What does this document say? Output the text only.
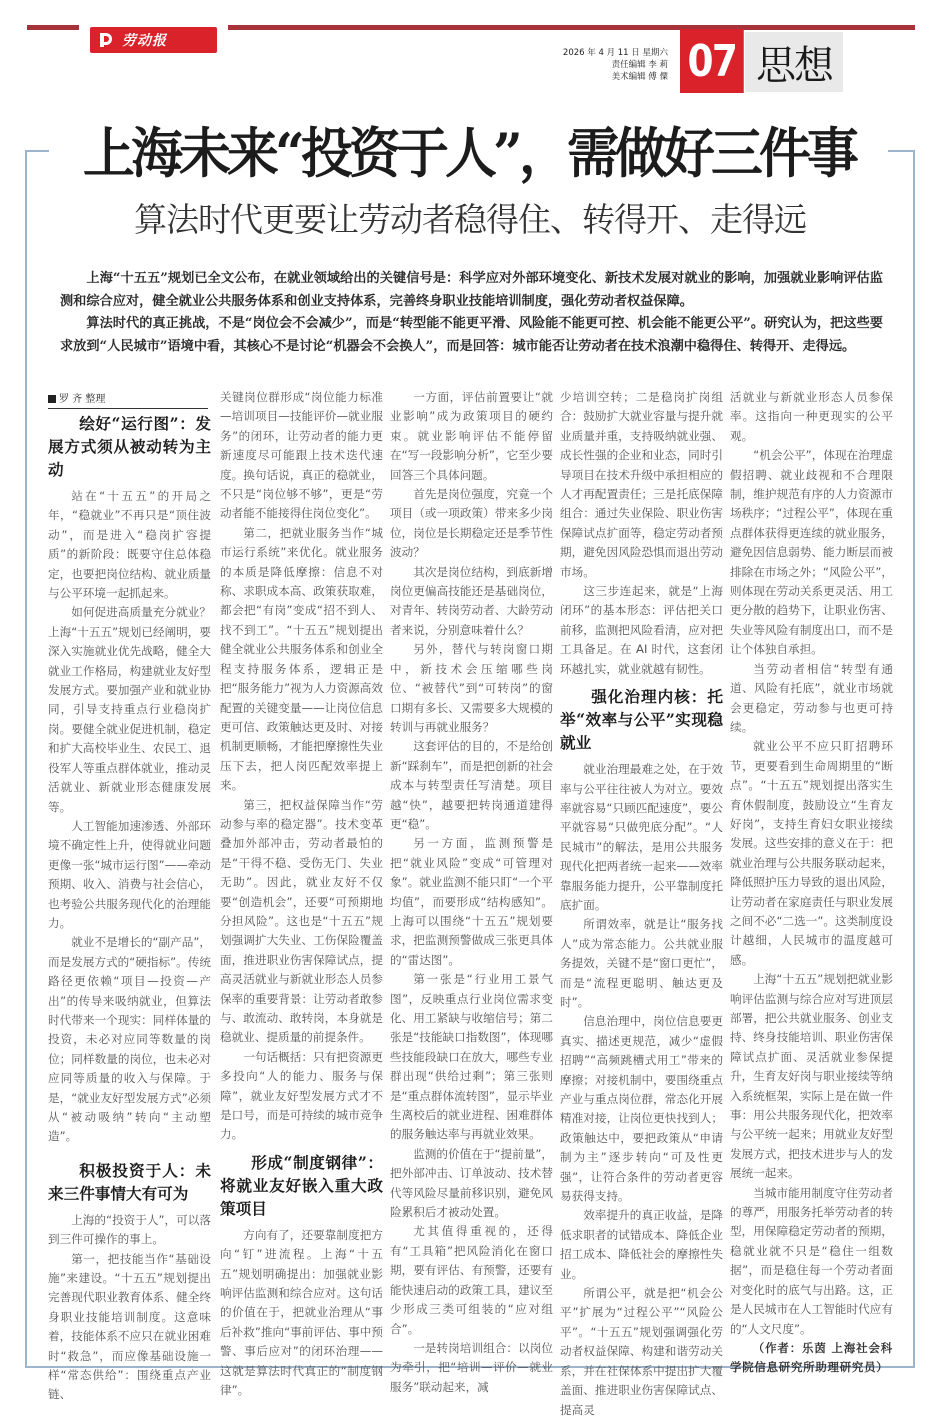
劳动报
2026 年 4 月 11 日 星期六
责任编辑 李 莉
美术编辑 傅 僳 07 思想
上海未来“投资于人”，需做好三件事
算法时代更要让劳动者稳得住、转得开、走得远

上海“十五五”规划已全文公布，在就业领域给出的关键信号是：科学应对外部环境变化、新技术发展对就业的影响，加强就业影响评估监测和综合应对，健全就业公共服务体系和创业支持体系，完善终身职业技能培训制度，强化劳动者权益保障。

算法时代的真正挑战，不是“岗位会不会减少”，而是“转型能不能更平滑、风险能不能更可控、机会能不能更公平”。研究认为，把这些要求放到“人民城市”语境中看，其核心不是讨论“机器会不会换人”，而是回答：城市能否让劳动者在技术浪潮中稳得住、转得开、走得远。

罗 齐 整理
绘好“运行图”：发展方式须从被动转为主动

站在“十五五”的开局之年，“稳就业”不再只是“顶住波动”，而是进入“稳岗扩容提质”的新阶段：既要守住总体稳定，也要把岗位结构、就业质量与公平环境一起抓起来。

如何促进高质量充分就业？上海“十五五”规划已经阐明，要深入实施就业优先战略，健全大就业工作格局，构建就业友好型发展方式。要加强产业和就业协同，引导支持重点行业稳岗扩岗。要健全就业促进机制，稳定和扩大高校毕业生、农民工、退役军人等重点群体就业，推动灵活就业、新就业形态健康发展等。

人工智能加速渗透、外部环境不确定性上升，使得就业问题更像一张“城市运行图”——牵动预期、收入、消费与社会信心，也考验公共服务现代化的治理能力。

就业不是增长的“副产品”，而是发展方式的“硬指标”。传统路径更依赖“项目—投资—产出”的传导来吸纳就业，但算法时代带来一个现实：同样体量的投资，未必对应同等数量的岗位；同样数量的岗位，也未必对应同等质量的收入与保障。于是，“就业友好型发展方式”必须从“被动吸纳”转向“主动塑造”。

积极投资于人：未来三件事情大有可为

上海的“投资于人”，可以落到三件可操作的事上。

第一，把技能当作“基础设施”来建设。“十五五”规划提出完善现代职业教育体系、健全终身职业技能培训制度。这意味着，技能体系不应只在就业困难时“救急”，而应像基础设施一样“常态供给”：围绕重点产业链、

关键岗位群形成“岗位能力标准—培训项目—技能评价—就业服务”的闭环，让劳动者的能力更新速度尽可能跟上技术迭代速度。换句话说，真正的稳就业，不只是“岗位够不够”，更是“劳动者能不能接得住岗位变化”。

第二，把就业服务当作“城市运行系统”来优化。就业服务的本质是降低摩擦：信息不对称、求职成本高、政策获取难，都会把“有岗”变成“招不到人、找不到工”。“十五五”规划提出健全就业公共服务体系和创业全程支持服务体系，逻辑正是把“服务能力”视为人力资源高效配置的关键变量——让岗位信息更可信、政策触达更及时、对接机制更顺畅，才能把摩擦性失业压下去，把人岗匹配效率提上来。

第三，把权益保障当作“劳动参与率的稳定器”。技术变革叠加外部冲击，劳动者最怕的是“干得不稳、受伤无门、失业无助”。因此，就业友好不仅要“创造机会”，还要“可预期地分担风险”。这也是“十五五”规划强调扩大失业、工伤保险覆盖面，推进职业伤害保障试点，提高灵活就业与新就业形态人员参保率的重要背景：让劳动者敢参与、敢流动、敢转岗，本身就是稳就业、提质量的前提条件。

一句话概括：只有把资源更多投向“人的能力、服务与保障”，就业友好型发展方式才不是口号，而是可持续的城市竞争力。

形成“制度钢律”：将就业友好嵌入重大政策项目

方向有了，还要靠制度把方向“钉”进流程。上海“十五五”规划明确提出：加强就业影响评估监测和综合应对。这句话的价值在于，把就业治理从“事后补救”推向“事前评估、事中预警、事后应对”的闭环治理——这就是算法时代真正的“制度钢律”。

一方面，评估前置要让“就业影响”成为政策项目的硬约束。就业影响评估不能停留在“写一段影响分析”，它至少要回答三个具体问题。

首先是岗位强度，究竟一个项目（或一项政策）带来多少岗位，岗位是长期稳定还是季节性波动？

其次是岗位结构，到底新增岗位更偏高技能还是基础岗位，对青年、转岗劳动者、大龄劳动者来说，分别意味着什么？

另外，替代与转岗窗口期中，新技术会压缩哪些岗位、“被替代”到“可转岗”的窗口期有多长、又需要多大规模的转训与再就业服务？

这套评估的目的，不是给创新“踩刹车”，而是把创新的社会成本与转型责任写清楚。项目越“快”，越要把转岗通道建得更“稳”。

另一方面，监测预警是把“就业风险”变成“可管理对象”。就业监测不能只盯“一个平均值”，而要形成“结构感知”。上海可以围绕“十五五”规划要求，把监测预警做成三张更具体的“雷达图”。

第一张是“行业用工景气图”，反映重点行业岗位需求变化、用工紧缺与收缩信号；第二张是“技能缺口指数图”，体现哪些技能段缺口在放大，哪些专业群出现“供给过剩”；第三张则是“重点群体流转图”，显示毕业生离校后的就业进程、困难群体的服务触达率与再就业效果。

监测的价值在于“提前量”，把外部冲击、订单波动、技术替代等风险尽量前移识别，避免风险累积后才被动处置。

尤其值得重视的，还得有“工具箱”把风险消化在窗口期，要有评估、有预警，还要有能快速启动的政策工具，建议至少形成三类可组装的“应对组合”。

一是转岗培训组合：以岗位为牵引，把“培训—评价—就业服务”联动起来，减

少培训空转；二是稳岗扩岗组合：鼓励扩大就业容量与提升就业质量并重，支持吸纳就业强、成长性强的企业和业态，同时引导项目在技术升级中承担相应的人才再配置责任；三是托底保障组合：通过失业保险、职业伤害保障试点扩面等，稳定劳动者预期，避免因风险恐惧而退出劳动市场。

这三步连起来，就是“上海闭环”的基本形态：评估把关口前移，监测把风险看清，应对把工具备足。在 AI 时代，这套闭环越扎实，就业就越有韧性。

强化治理内核：托举“效率与公平”实现稳就业

就业治理最难之处，在于效率与公平往往被人为对立。要效率就容易“只顾匹配速度”，要公平就容易“只做兜底分配”。“人民城市”的解法，是用公共服务现代化把两者统一起来——效率靠服务能力提升，公平靠制度托底扩面。

所谓效率，就是让“服务找人”成为常态能力。公共就业服务提效，关键不是“窗口更忙”，而是“流程更聪明、触达更及时”。

信息治理中，岗位信息要更真实、描述更规范，减少“虚假招聘”“高频跳槽式用工”带来的摩擦；对接机制中，要围绕重点产业与重点岗位群，常态化开展精准对接，让岗位更快找到人；政策触达中，要把政策从“申请制为主”逐步转向“可及性更强”，让符合条件的劳动者更容易获得支持。

效率提升的真正收益，是降低求职者的试错成本、降低企业招工成本、降低社会的摩擦性失业。

所谓公平，就是把“机会公平”扩展为“过程公平”“风险公平”。“十五五”规划强调强化劳动者权益保障、构建和谐劳动关系，并在社保体系中提出扩大覆盖面、推进职业伤害保障试点、提高灵

活就业与新就业形态人员参保率。这指向一种更现实的公平观。

“机会公平”，体现在治理虚假招聘、就业歧视和不合理限制，维护规范有序的人力资源市场秩序；“过程公平”，体现在重点群体获得更连续的就业服务，避免因信息弱势、能力断层而被排除在市场之外；“风险公平”，则体现在劳动关系更灵活、用工更分散的趋势下，让职业伤害、失业等风险有制度出口，而不是让个体独自承担。

当劳动者相信“转型有通道、风险有托底”，就业市场就会更稳定，劳动参与也更可持续。

就业公平不应只盯招聘环节，更要看到生命周期里的“断点”。“十五五”规划提出落实生育休假制度，鼓励设立“生育友好岗”，支持生育妇女职业接续发展。这些安排的意义在于：把就业治理与公共服务联动起来，降低照护压力导致的退出风险，让劳动者在家庭责任与职业发展之间不必“二选一”。这类制度设计越细，人民城市的温度越可感。

上海“十五五”规划把就业影响评估监测与综合应对写进顶层部署，把公共就业服务、创业支持、终身技能培训、职业伤害保障试点扩面、灵活就业参保提升，生育友好岗与职业接续等纳入系统框架，实际上是在做一件事：用公共服务现代化，把效率与公平统一起来；用就业友好型发展方式，把技术进步与人的发展统一起来。

当城市能用制度守住劳动者的尊严，用服务托举劳动者的转型，用保障稳定劳动者的预期，稳就业就不只是“稳住一组数据”，而是稳住每一个劳动者面对变化时的底气与出路。这，正是人民城市在人工智能时代应有的“人文尺度”。

（作者：乐茵 上海社会科学院信息研究所助理研究员）
